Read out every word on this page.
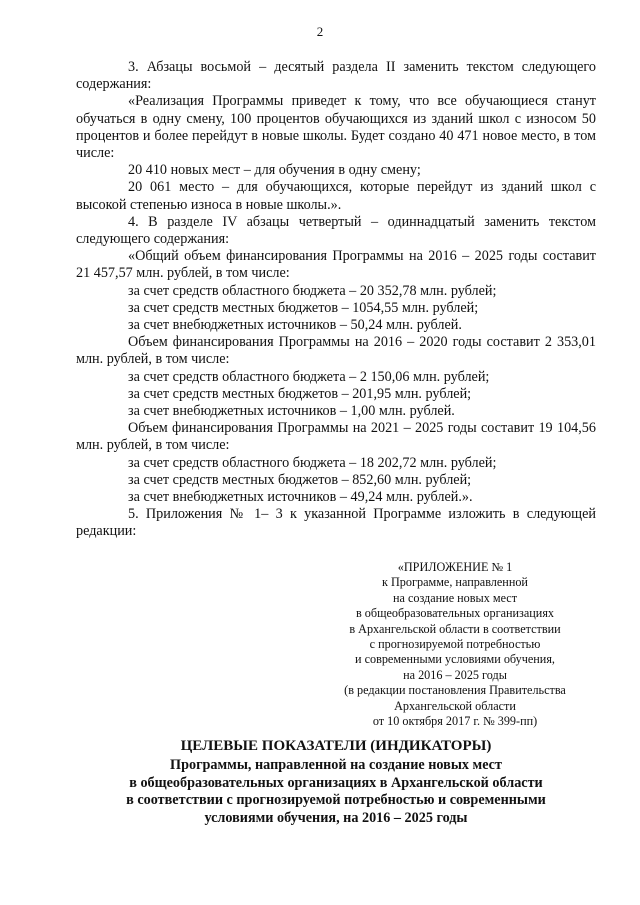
2

3. Абзацы восьмой – десятый раздела II заменить текстом следующего содержания:

«Реализация Программы приведет к тому, что все обучающиеся станут обучаться в одну смену, 100 процентов обучающихся из зданий школ с износом 50 процентов и более перейдут в новые школы. Будет создано 40 471 новое место, в том числе:

20 410 новых мест – для обучения в одну смену;

20 061 место – для обучающихся, которые перейдут из зданий школ с высокой степенью износа в новые школы.».

4. В разделе IV абзацы четвертый – одиннадцатый заменить текстом следующего содержания:

«Общий объем финансирования Программы на 2016 – 2025 годы составит 21 457,57 млн. рублей, в том числе:

за счет средств областного бюджета – 20 352,78 млн. рублей;

за счет средств местных бюджетов – 1054,55 млн. рублей;

за счет внебюджетных источников – 50,24 млн. рублей.

Объем финансирования Программы на 2016 – 2020 годы составит 2 353,01 млн. рублей, в том числе:

за счет средств областного бюджета – 2 150,06 млн. рублей;

за счет средств местных бюджетов – 201,95 млн. рублей;

за счет внебюджетных источников – 1,00 млн. рублей.

Объем финансирования Программы на 2021 – 2025 годы составит 19 104,56 млн. рублей, в том числе:

за счет средств областного бюджета – 18 202,72 млн. рублей;

за счет средств местных бюджетов – 852,60 млн. рублей;

за счет внебюджетных источников – 49,24 млн. рублей.».

5. Приложения № 1– 3 к указанной Программе изложить в следующей редакции:

«ПРИЛОЖЕНИЕ № 1
к Программе, направленной
на создание новых мест
в общеобразовательных организациях
в Архангельской области в соответствии
с прогнозируемой потребностью
и современными условиями обучения,
на 2016 – 2025 годы
(в редакции постановления Правительства
Архангельской области
от 10 октября 2017 г. № 399-пп)
ЦЕЛЕВЫЕ ПОКАЗАТЕЛИ (ИНДИКАТОРЫ)
Программы, направленной на создание новых мест
в общеобразовательных организациях в Архангельской области
в соответствии с прогнозируемой потребностью и современными
условиями обучения, на 2016 – 2025 годы
